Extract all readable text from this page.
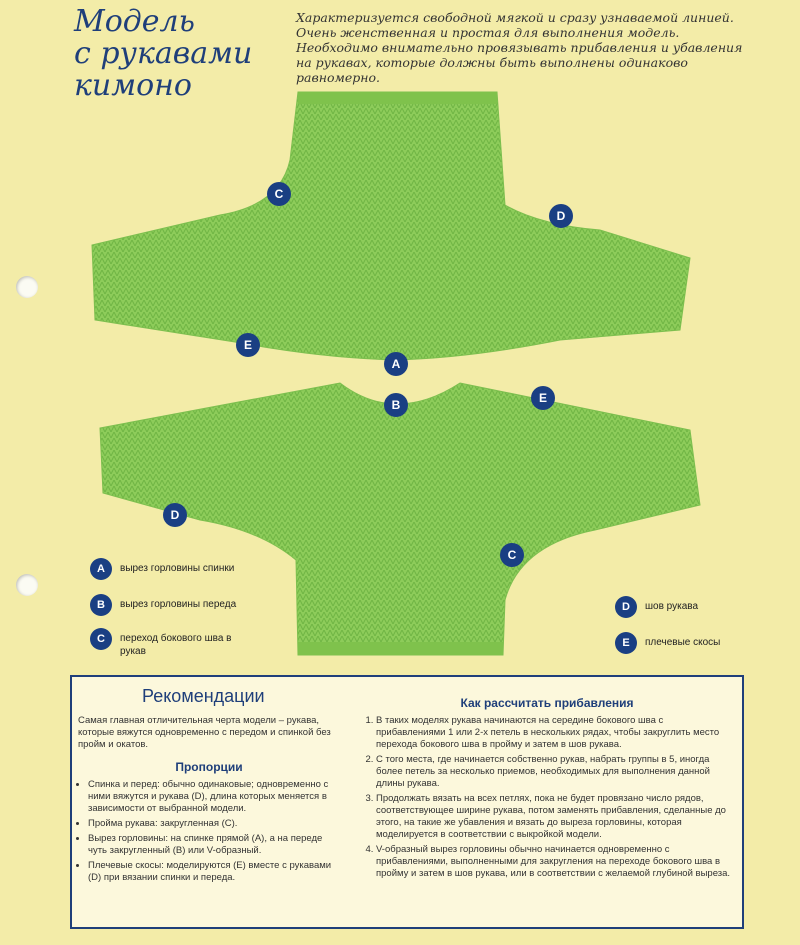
Модель
с рукавами
кимоно
Характеризуется свободной мягкой и сразу узнаваемой линией. Очень женственная и простая для выполнения модель. Необходимо внимательно провязывать прибавления и убавления на рукавах, которые должны быть выполнены одинаково равномерно.
C
D
E
A
B	E
D
C
A	вырез горловины спинки
B	вырез горловины переда
C	переход бокового шва в рукав
D	шов рукава
E	плечевые скосы
Рекомендации
Самая главная отличительная черта модели – рукава, которые вяжутся одновременно с передом и спинкой без пройм и окатов.
Пропорции
• Спинка и перед: обычно одинаковые; одновременно с ними вяжутся и рукава (D), длина которых меняется в зависимости от выбранной модели.
• Пройма рукава: закругленная (C).
• Вырез горловины: на спинке прямой (A), а на переде чуть закругленный (B) или V-образный.
• Плечевые скосы: моделируются (E) вместе с рукавами (D) при вязании спинки и переда.
Как рассчитать прибавления
1. В таких моделях рукава начинаются на середине бокового шва с прибавлениями 1 или 2-х петель в нескольких рядах, чтобы закруглить место перехода бокового шва в пройму и затем в шов рукава.
2. С того места, где начинается собственно рукав, набрать группы в 5, иногда более петель за несколько приемов, необходимых для выполнения данной длины рукава.
3. Продолжать вязать на всех петлях, пока не будет провязано число рядов, соответствующее ширине рукава, потом заменять прибавления, сделанные до этого, на такие же убавления и вязать до выреза горловины, которая моделируется в соответствии с выкройкой модели.
4. V-образный вырез горловины обычно начинается одновременно с прибавлениями, выполненными для закругления на переходе бокового шва в пройму и затем в шов рукава, или в соответствии с желаемой глубиной выреза.
